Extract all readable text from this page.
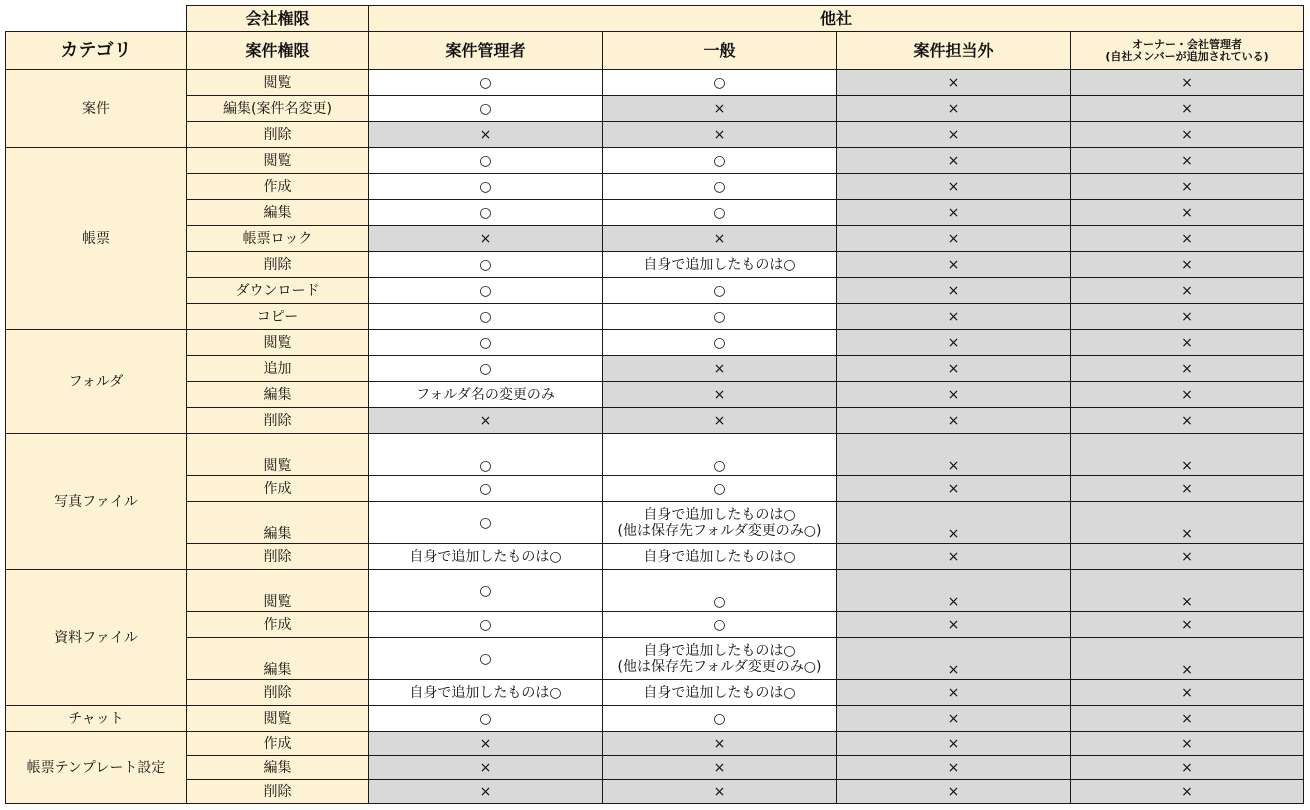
	会社権限	他社			
カテゴリ	案件権限	案件管理者	一般	案件担当外	オーナー・会社管理者
(自社メンバーが追加されている)
案件	閲覧	○	○	×	×
	編集(案件名変更)	○	×	×	×
	削除	×	×	×	×
帳票	閲覧	○	○	×	×
	作成	○	○	×	×
	編集	○	○	×	×
	帳票ロック	×	×	×	×
	削除	○	自身で追加したものは○	×	×
	ダウンロード	○	○	×	×
	コピー	○	○	×	×
フォルダ	閲覧	○	○	×	×
	追加	○	×	×	×
	編集	フォルダ名の変更のみ	×	×	×
	削除	×	×	×	×
写真ファイル	閲覧	○	○	×	×
	作成	○	○	×	×
	編集	○	自身で追加したものは○
(他は保存先フォルダ変更のみ○)	×	×
	削除	自身で追加したものは○	自身で追加したものは○	×	×
資料ファイル	閲覧	○	○	×	×
	作成	○	○	×	×
	編集	○	自身で追加したものは○
(他は保存先フォルダ変更のみ○)	×	×
	削除	自身で追加したものは○	自身で追加したものは○	×	×
チャット	閲覧	○	○	×	×
帳票テンプレート設定	作成	×	×	×	×
	編集	×	×	×	×
	削除	×	×	×	×
